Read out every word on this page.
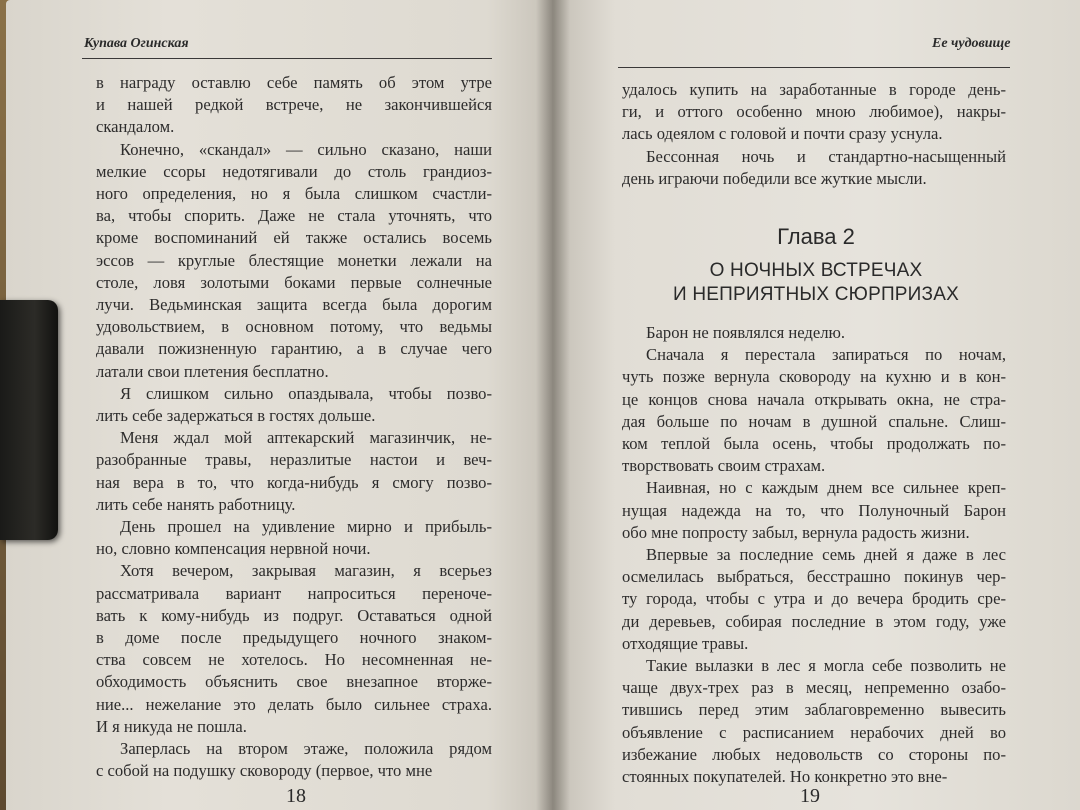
Купава Огинская	Ее чудовище

в награду оставлю себе память об этом утре

и нашей редкой встрече, не закончившейся

скандалом.

Конечно, «скандал» — сильно сказано, наши

мелкие ссоры недотягивали до столь грандиоз-

ного определения, но я была слишком счастли-

ва, чтобы спорить. Даже не стала уточнять, что

кроме воспоминаний ей также остались восемь

эссов — круглые блестящие монетки лежали на

столе, ловя золотыми боками первые солнечные

лучи. Ведьминская защита всегда была дорогим

удовольствием, в основном потому, что ведьмы

давали пожизненную гарантию, а в случае чего

латали свои плетения бесплатно.

Я слишком сильно опаздывала, чтобы позво-

лить себе задержаться в гостях дольше.

Меня ждал мой аптекарский магазинчик, не-

разобранные травы, неразлитые настои и веч-

ная вера в то, что когда-нибудь я смогу позво-

лить себе нанять работницу.

День прошел на удивление мирно и прибыль-

но, словно компенсация нервной ночи.

Хотя вечером, закрывая магазин, я всерьез

рассматривала вариант напроситься переноче-

вать к кому-нибудь из подруг. Оставаться одной

в доме после предыдущего ночного знаком-

ства совсем не хотелось. Но несомненная не-

обходимость объяснить свое внезапное вторже-

ние... нежелание это делать было сильнее страха.

И я никуда не пошла.

Заперлась на втором этаже, положила рядом

с собой на подушку сковороду (первое, что мне

удалось купить на заработанные в городе день-

ги, и оттого особенно мною любимое), накры-

лась одеялом с головой и почти сразу уснула.

Бессонная ночь и стандартно-насыщенный

день играючи победили все жуткие мысли.

Глава 2
О НОЧНЫХ ВСТРЕЧАХ
И НЕПРИЯТНЫХ СЮРПРИЗАХ

Барон не появлялся неделю.

Сначала я перестала запираться по ночам,

чуть позже вернула сковороду на кухню и в кон-

це концов снова начала открывать окна, не стра-

дая больше по ночам в душной спальне. Слиш-

ком теплой была осень, чтобы продолжать по-

творствовать своим страхам.

Наивная, но с каждым днем все сильнее креп-

нущая надежда на то, что Полуночный Барон

обо мне попросту забыл, вернула радость жизни.

Впервые за последние семь дней я даже в лес

осмелилась выбраться, бесстрашно покинув чер-

ту города, чтобы с утра и до вечера бродить сре-

ди деревьев, собирая последние в этом году, уже

отходящие травы.

Такие вылазки в лес я могла себе позволить не

чаще двух-трех раз в месяц, непременно озабо-

тившись перед этим заблаговременно вывесить

объявление с расписанием нерабочих дней во

избежание любых недовольств со стороны по-

стоянных покупателей. Но конкретно это вне-

18	19
